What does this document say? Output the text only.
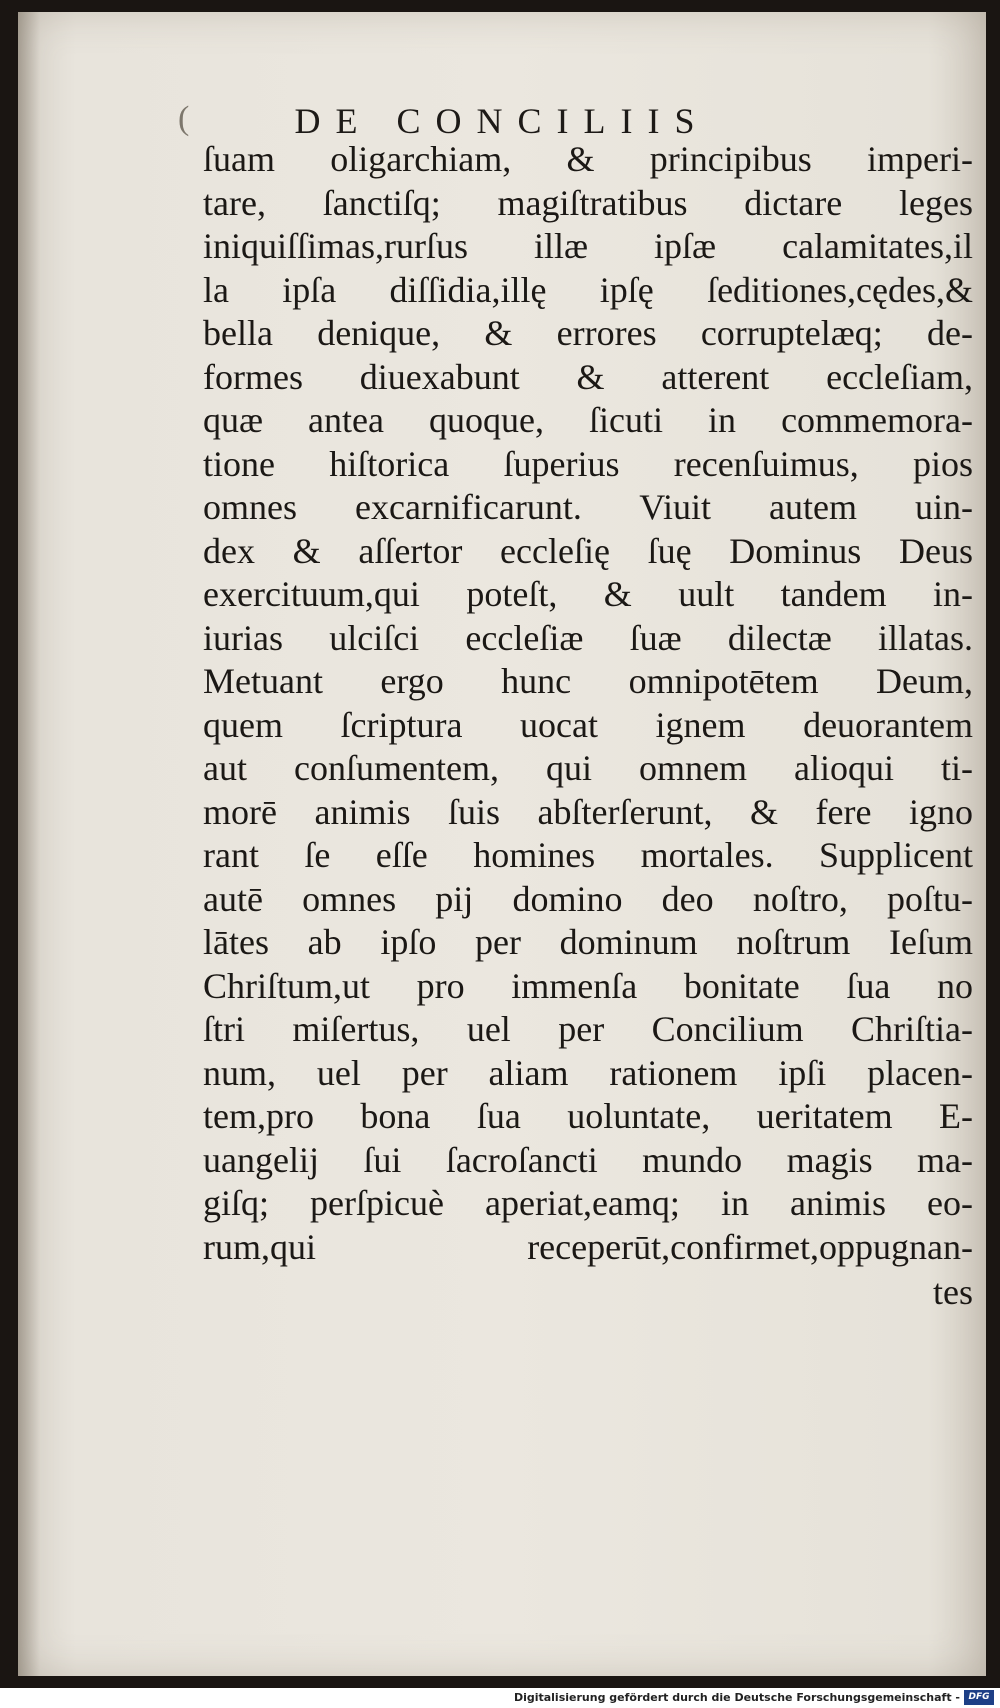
(	DE CONCILIIS
ſuam oligarchiam, & principibus imperi-
tare, ſanctiſq; magiſtratibus dictare leges
iniquiſſimas,rurſus illæ ipſæ calamitates,il
la ipſa diſſidia,illę ipſę ſeditiones,cędes,&
bella denique, & errores corruptelæq; de-
formes diuexabunt & atterent eccleſiam,
quæ antea quoque, ſicuti in commemora-
tione hiſtorica ſuperius recenſuimus, pios
omnes excarnificarunt. Viuit autem uin-
dex & aſſertor eccleſię ſuę Dominus Deus
exercituum,qui poteſt, & uult tandem in-
iurias ulciſci eccleſiæ ſuæ dilectæ illatas.
Metuant ergo hunc omnipotētem Deum,
quem ſcriptura uocat ignem deuorantem
aut conſumentem, qui omnem alioqui ti-
morē animis ſuis abſterſerunt, & fere igno
rant ſe eſſe homines mortales. Supplicent
autē omnes pij domino deo noſtro, poſtu-
lātes ab ipſo per dominum noſtrum Ieſum
Chriſtum,ut pro immenſa bonitate ſua no
ſtri miſertus, uel per Concilium Chriſtia-
num, uel per aliam rationem ipſi placen-
tem,pro bona ſua uoluntate, ueritatem E-
uangelij ſui ſacroſancti mundo magis ma-
giſq; perſpicuè aperiat,eamq; in animis eo-
rum,qui receperūt,confirmet,oppugnan-
tes
Digitalisierung gefördert durch die Deutsche Forschungsgemeinschaft - DFG
